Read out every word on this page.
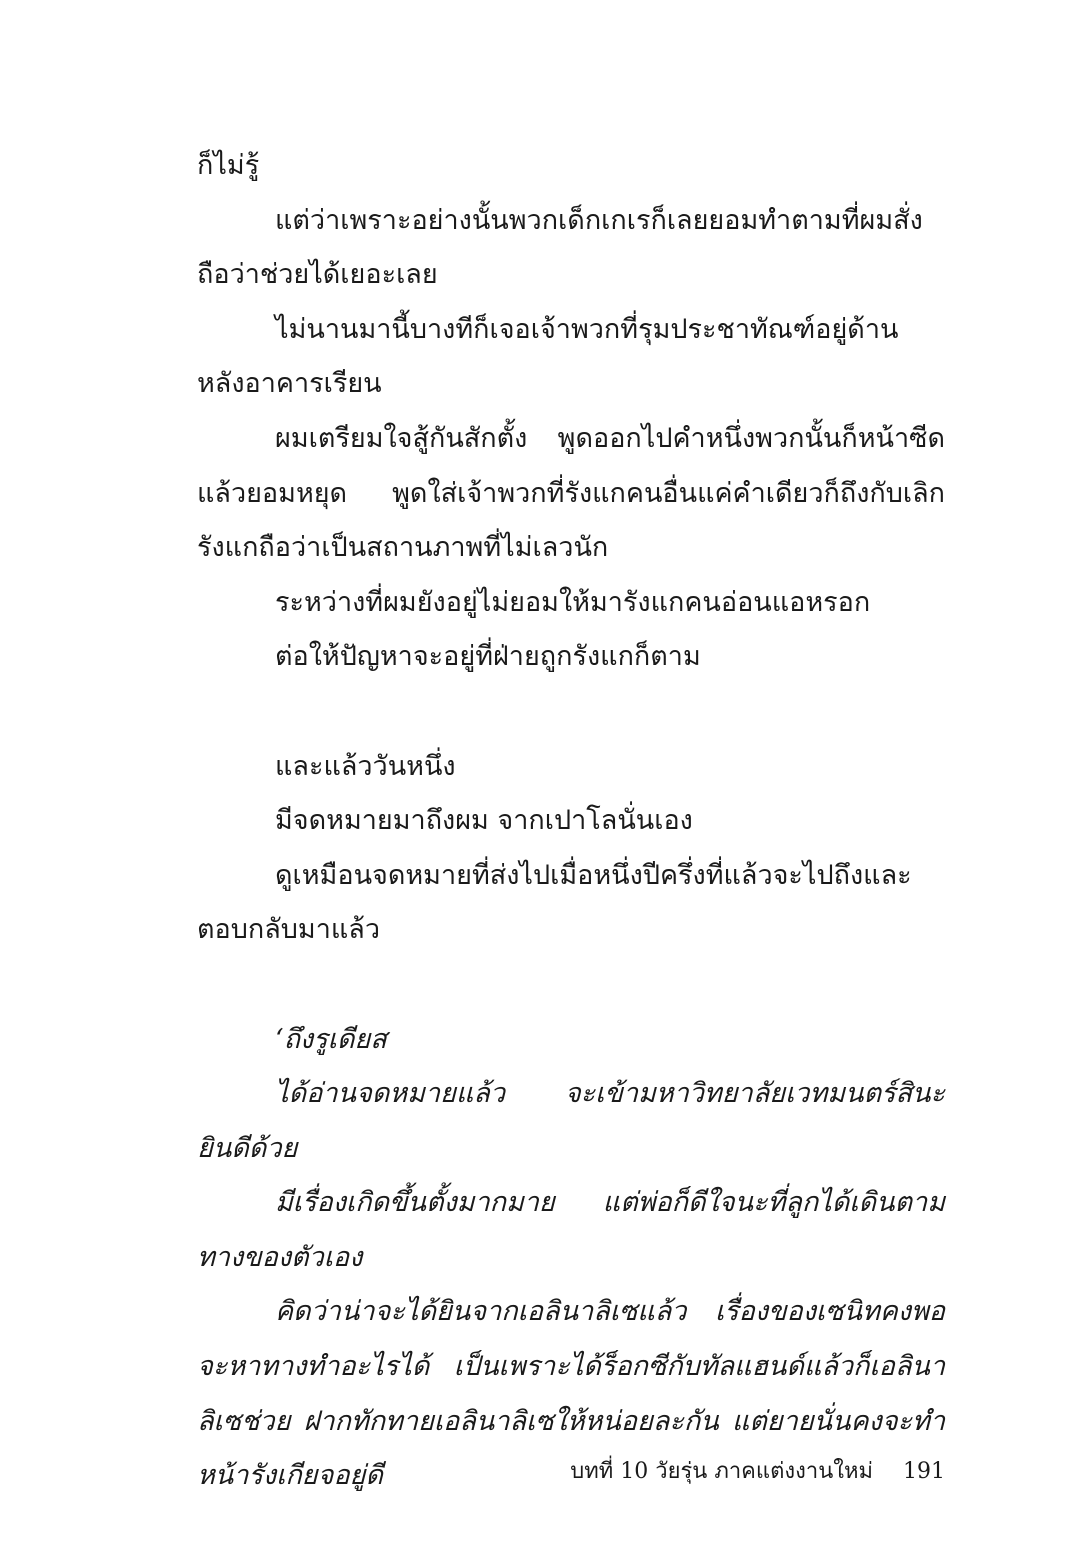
ก็ไม่รู้

แต่ว่าเพราะอย่างนั้นพวกเด็กเกเรก็เลยยอมทำตามที่ผมสั่ง ถือว่าช่วยได้เยอะเลย

ไม่นานมานี้บางทีก็เจอเจ้าพวกที่รุมประชาทัณฑ์อยู่ด้านหลังอาคารเรียน

ผมเตรียมใจสู้กันสักตั้ง พูดออกไปคำหนึ่งพวกนั้นก็หน้าซีดแล้วยอมหยุด พูดใส่เจ้าพวกที่รังแกคนอื่นแค่คำเดียวก็ถึงกับเลิกรังแกถือว่าเป็นสถานภาพที่ไม่เลวนัก

ระหว่างที่ผมยังอยู่ไม่ยอมให้มารังแกคนอ่อนแอหรอก

ต่อให้ปัญหาจะอยู่ที่ฝ่ายถูกรังแกก็ตาม

และแล้ววันหนึ่ง

มีจดหมายมาถึงผม จากเปาโลนั่นเอง

ดูเหมือนจดหมายที่ส่งไปเมื่อหนึ่งปีครึ่งที่แล้วจะไปถึงและตอบกลับมาแล้ว

‘ถึงรูเดียส

ได้อ่านจดหมายแล้ว จะเข้ามหาวิทยาลัยเวทมนตร์สินะ ยินดีด้วย

มีเรื่องเกิดขึ้นตั้งมากมาย แต่พ่อก็ดีใจนะที่ลูกได้เดินตามทางของตัวเอง

คิดว่าน่าจะได้ยินจากเอลินาลิเซแล้ว เรื่องของเซนิทคงพอจะหาทางทำอะไรได้ เป็นเพราะได้ร็อกซีกับทัลแฮนด์แล้วก็เอลินาลิเซช่วย ฝากทักทายเอลินาลิเซให้หน่อยละกัน แต่ยายนั่นคงจะทำหน้ารังเกียจอยู่ดี	บทที่ 10 วัยรุ่น ภาคแต่งงานใหม่ 191
